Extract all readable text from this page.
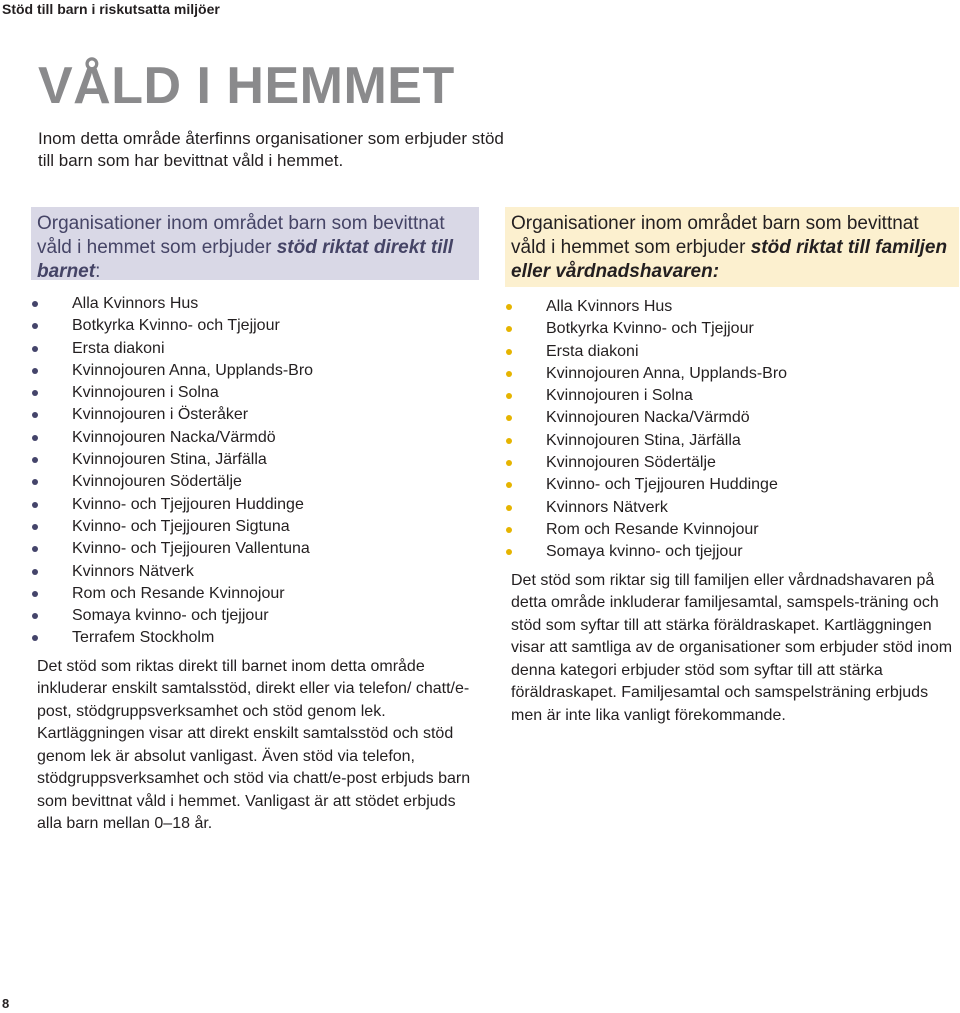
Stöd till barn i riskutsatta miljöer
VÅLD I HEMMET

Inom detta område återfinns organisationer som erbjuder stöd till barn som har bevittnat våld i hemmet.

Organisationer inom området barn som bevittnat våld i hemmet som erbjuder stöd riktat direkt till barnet:
Alla Kvinnors Hus
Botkyrka Kvinno- och Tjejjour
Ersta diakoni
Kvinnojouren Anna, Upplands-Bro
Kvinnojouren i Solna
Kvinnojouren i Österåker
Kvinnojouren Nacka/Värmdö
Kvinnojouren Stina, Järfälla
Kvinnojouren Södertälje
Kvinno- och Tjejjouren Huddinge
Kvinno- och Tjejjouren Sigtuna
Kvinno- och Tjejjouren Vallentuna
Kvinnors Nätverk
Rom och Resande Kvinnojour
Somaya kvinno- och tjejjour
Terrafem Stockholm

Det stöd som riktas direkt till barnet inom detta område inkluderar enskilt samtalsstöd, direkt eller via telefon/ chatt/e-post, stödgruppsverksamhet och stöd genom lek. Kartläggningen visar att direkt enskilt samtalsstöd och stöd genom lek är absolut vanligast. Även stöd via telefon, stödgruppsverksamhet och stöd via chatt/e-post erbjuds barn som bevittnat våld i hemmet. Vanligast är att stödet erbjuds alla barn mellan 0–18 år.

Organisationer inom området barn som bevittnat våld i hemmet som erbjuder stöd riktat till familjen eller vårdnadshavaren:
Alla Kvinnors Hus
Botkyrka Kvinno- och Tjejjour
Ersta diakoni
Kvinnojouren Anna, Upplands-Bro
Kvinnojouren i Solna
Kvinnojouren Nacka/Värmdö
Kvinnojouren Stina, Järfälla
Kvinnojouren Södertälje
Kvinno- och Tjejjouren Huddinge
Kvinnors Nätverk
Rom och Resande Kvinnojour
Somaya kvinno- och tjejjour

Det stöd som riktar sig till familjen eller vårdnadshavaren på detta område inkluderar familjesamtal, samspels-träning och stöd som syftar till att stärka föräldraskapet. Kartläggningen visar att samtliga av de organisationer som erbjuder stöd inom denna kategori erbjuder stöd som syftar till att stärka föräldraskapet. Familjesamtal och samspelsträning erbjuds men är inte lika vanligt förekommande.

8
